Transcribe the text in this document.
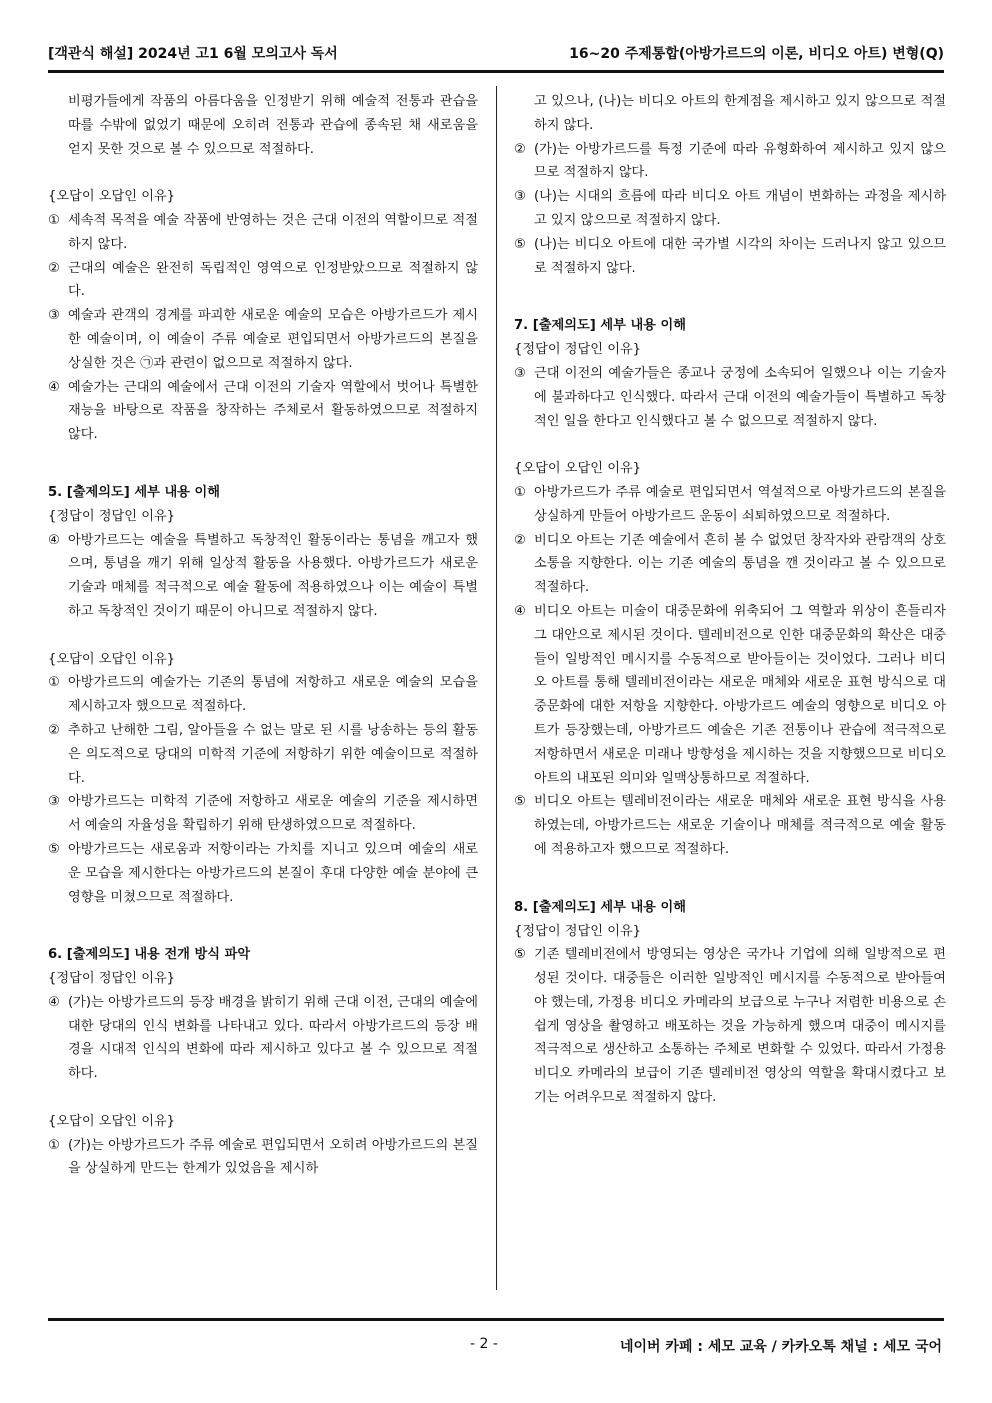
[객관식 해설] 2024년 고1 6월 모의고사 독서	16~20 주제통합(아방가르드의 이론, 비디오 아트) 변형(Q)
비평가들에게 작품의 아름다움을 인정받기 위해 예술적 전통과 관습을 따를 수밖에 없었기 때문에 오히려 전통과 관습에 종속된 채 새로움을 얻지 못한 것으로 볼 수 있으므로 적절하다.
{오답이 오답인 이유}
① 세속적 목적을 예술 작품에 반영하는 것은 근대 이전의 역할이므로 적절하지 않다.
② 근대의 예술은 완전히 독립적인 영역으로 인정받았으므로 적절하지 않다.
③ 예술과 관객의 경계를 파괴한 새로운 예술의 모습은 아방가르드가 제시한 예술이며, 이 예술이 주류 예술로 편입되면서 아방가르드의 본질을 상실한 것은 ㉠과 관련이 없으므로 적절하지 않다.
④ 예술가는 근대의 예술에서 근대 이전의 기술자 역할에서 벗어나 특별한 재능을 바탕으로 작품을 창작하는 주체로서 활동하였으므로 적절하지 않다.
5. [출제의도] 세부 내용 이해
{정답이 정답인 이유}
④ 아방가르드는 예술을 특별하고 독창적인 활동이라는 통념을 깨고자 했으며, 통념을 깨기 위해 일상적 활동을 사용했다. 아방가르드가 새로운 기술과 매체를 적극적으로 예술 활동에 적용하였으나 이는 예술이 특별하고 독창적인 것이기 때문이 아니므로 적절하지 않다.
{오답이 오답인 이유}
① 아방가르드의 예술가는 기존의 통념에 저항하고 새로운 예술의 모습을 제시하고자 했으므로 적절하다.
② 추하고 난해한 그림, 알아들을 수 없는 말로 된 시를 낭송하는 등의 활동은 의도적으로 당대의 미학적 기준에 저항하기 위한 예술이므로 적절하다.
③ 아방가르드는 미학적 기준에 저항하고 새로운 예술의 기준을 제시하면서 예술의 자율성을 확립하기 위해 탄생하였으므로 적절하다.
⑤ 아방가르드는 새로움과 저항이라는 가치를 지니고 있으며 예술의 새로운 모습을 제시한다는 아방가르드의 본질이 후대 다양한 예술 분야에 큰 영향을 미쳤으므로 적절하다.
6. [출제의도] 내용 전개 방식 파악
{정답이 정답인 이유}
④ (가)는 아방가르드의 등장 배경을 밝히기 위해 근대 이전, 근대의 예술에 대한 당대의 인식 변화를 나타내고 있다. 따라서 아방가르드의 등장 배경을 시대적 인식의 변화에 따라 제시하고 있다고 볼 수 있으므로 적절하다.
{오답이 오답인 이유}
① (가)는 아방가르드가 주류 예술로 편입되면서 오히려 아방가르드의 본질을 상실하게 만드는 한계가 있었음을 제시하
고 있으나, (나)는 비디오 아트의 한계점을 제시하고 있지 않으므로 적절하지 않다.
② (가)는 아방가르드를 특정 기준에 따라 유형화하여 제시하고 있지 않으므로 적절하지 않다.
③ (나)는 시대의 흐름에 따라 비디오 아트 개념이 변화하는 과정을 제시하고 있지 않으므로 적절하지 않다.
⑤ (나)는 비디오 아트에 대한 국가별 시각의 차이는 드러나지 않고 있으므로 적절하지 않다.
7. [출제의도] 세부 내용 이해
{정답이 정답인 이유}
③ 근대 이전의 예술가들은 종교나 궁정에 소속되어 일했으나 이는 기술자에 불과하다고 인식했다. 따라서 근대 이전의 예술가들이 특별하고 독창적인 일을 한다고 인식했다고 볼 수 없으므로 적절하지 않다.
{오답이 오답인 이유}
① 아방가르드가 주류 예술로 편입되면서 역설적으로 아방가르드의 본질을 상실하게 만들어 아방가르드 운동이 쇠퇴하였으므로 적절하다.
② 비디오 아트는 기존 예술에서 흔히 볼 수 없었던 창작자와 관람객의 상호 소통을 지향한다. 이는 기존 예술의 통념을 깬 것이라고 볼 수 있으므로 적절하다.
④ 비디오 아트는 미술이 대중문화에 위축되어 그 역할과 위상이 흔들리자 그 대안으로 제시된 것이다. 텔레비전으로 인한 대중문화의 확산은 대중들이 일방적인 메시지를 수동적으로 받아들이는 것이었다. 그러나 비디오 아트를 통해 텔레비전이라는 새로운 매체와 새로운 표현 방식으로 대중문화에 대한 저항을 지향한다. 아방가르드 예술의 영향으로 비디오 아트가 등장했는데, 아방가르드 예술은 기존 전통이나 관습에 적극적으로 저항하면서 새로운 미래나 방향성을 제시하는 것을 지향했으므로 비디오 아트의 내포된 의미와 일맥상통하므로 적절하다.
⑤ 비디오 아트는 텔레비전이라는 새로운 매체와 새로운 표현 방식을 사용하였는데, 아방가르드는 새로운 기술이나 매체를 적극적으로 예술 활동에 적용하고자 했으므로 적절하다.
8. [출제의도] 세부 내용 이해
{정답이 정답인 이유}
⑤ 기존 텔레비전에서 방영되는 영상은 국가나 기업에 의해 일방적으로 편성된 것이다. 대중들은 이러한 일방적인 메시지를 수동적으로 받아들여야 했는데, 가정용 비디오 카메라의 보급으로 누구나 저렴한 비용으로 손쉽게 영상을 촬영하고 배포하는 것을 가능하게 했으며 대중이 메시지를 적극적으로 생산하고 소통하는 주체로 변화할 수 있었다. 따라서 가정용 비디오 카메라의 보급이 기존 텔레비전 영상의 역할을 확대시켰다고 보기는 어려우므로 적절하지 않다.
- 2 -	네이버 카페 : 세모 교육 / 카카오톡 채널 : 세모 국어
